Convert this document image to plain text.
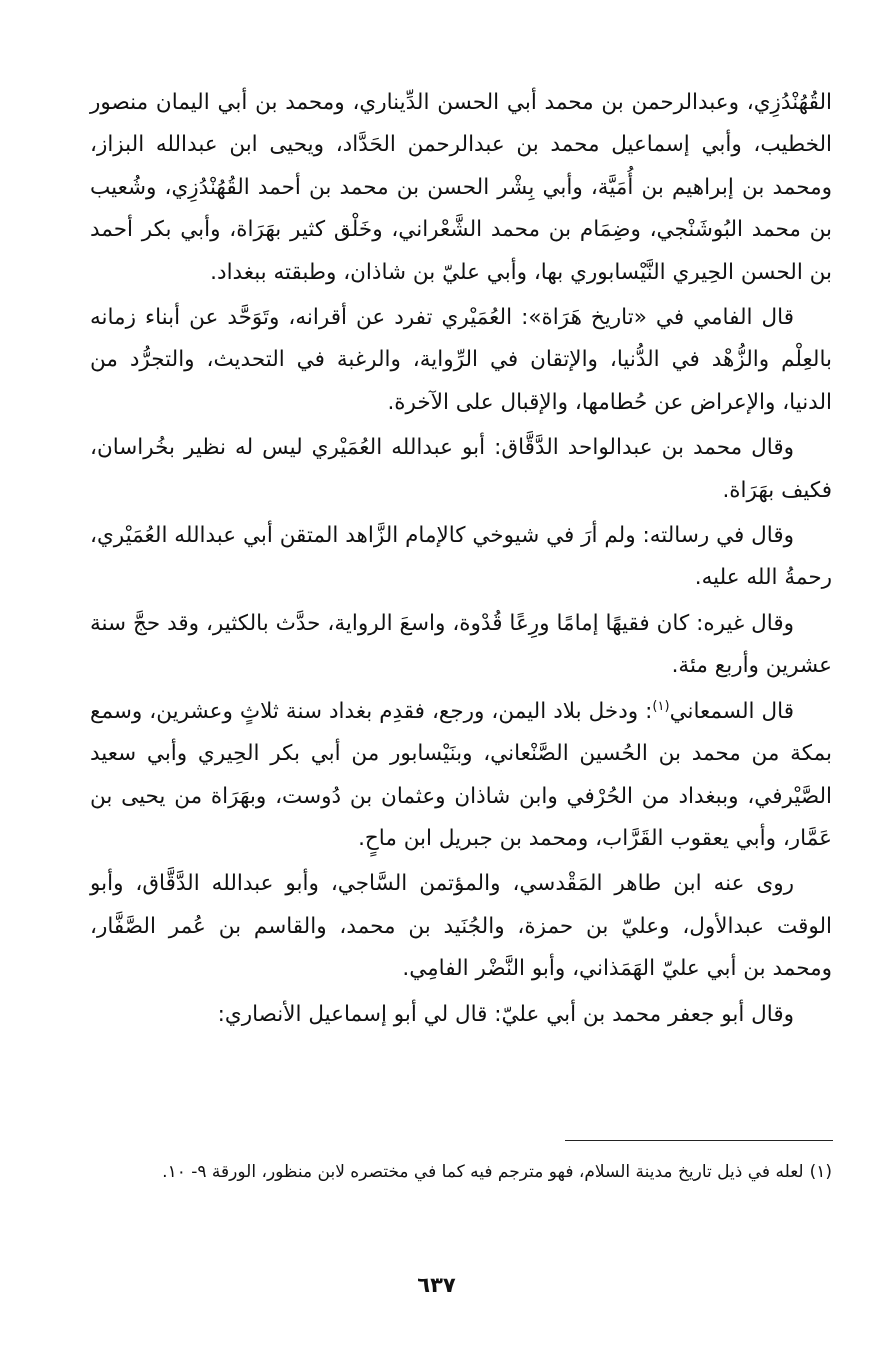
القُهُنْدُزِي، وعبدالرحمن بن محمد أبي الحسن الدِّيناري، ومحمد بن أبي اليمان منصور الخطيب، وأبي إسماعيل محمد بن عبدالرحمن الحَدَّاد، ويحيى ابن عبدالله البزاز، ومحمد بن إبراهيم بن أُمَيَّة، وأبي بِشْر الحسن بن محمد بن أحمد القُهُنْدُزِي، وشُعيب بن محمد البُوشَنْجي، وضِمَام بن محمد الشَّعْراني، وخَلْق كثير بهَرَاة، وأبي بكر أحمد بن الحسن الحِيري النَّيْسابوري بها، وأبي عليّ بن شاذان، وطبقته ببغداد.

قال الفامي في «تاريخ هَرَاة»: العُمَيْري تفرد عن أقرانه، وتَوَحَّد عن أبناء زمانه بالعِلْم والزُّهْد في الدُّنيا، والإتقان في الرِّواية، والرغبة في التحديث، والتجرُّد من الدنيا، والإعراض عن حُطامها، والإقبال على الآخرة.

وقال محمد بن عبدالواحد الدَّقَّاق: أبو عبدالله العُمَيْري ليس له نظير بخُراسان، فكيف بهَرَاة.

وقال في رسالته: ولم أرَ في شيوخي كالإمام الزَّاهد المتقن أبي عبدالله العُمَيْري، رحمةُ الله عليه.

وقال غيره: كان فقيهًا إمامًا ورِعًا قُدْوة، واسعَ الرواية، حدَّث بالكثير، وقد حجَّ سنة عشرين وأربع مئة.

قال السمعاني$^{(١)}$: ودخل بلاد اليمن، ورجع، فقدِم بغداد سنة ثلاثٍ وعشرين، وسمع بمكة من محمد بن الحُسين الصَّنْعاني، وبنَيْسابور من أبي بكر الحِيري وأبي سعيد الصَّيْرفي، وببغداد من الحُرْفي وابن شاذان وعثمان بن دُوست، وبهَرَاة من يحيى بن عَمَّار، وأبي يعقوب القَرَّاب، ومحمد بن جبريل ابن ماحٍ.

روى عنه ابن طاهر المَقْدسي، والمؤتمن السَّاجي، وأبو عبدالله الدَّقَّاق، وأبو الوقت عبدالأول، وعليّ بن حمزة، والجُنَيد بن محمد، والقاسم بن عُمر الصَّفَّار، ومحمد بن أبي عليّ الهَمَذاني، وأبو النَّضْر الفامِي.

وقال أبو جعفر محمد بن أبي عليّ: قال لي أبو إسماعيل الأنصاري:

(١)لعله في ذيل تاريخ مدينة السلام، فهو مترجم فيه كما في مختصره لابن منظور، الورقة ٩- ١٠.
٦٣٧
